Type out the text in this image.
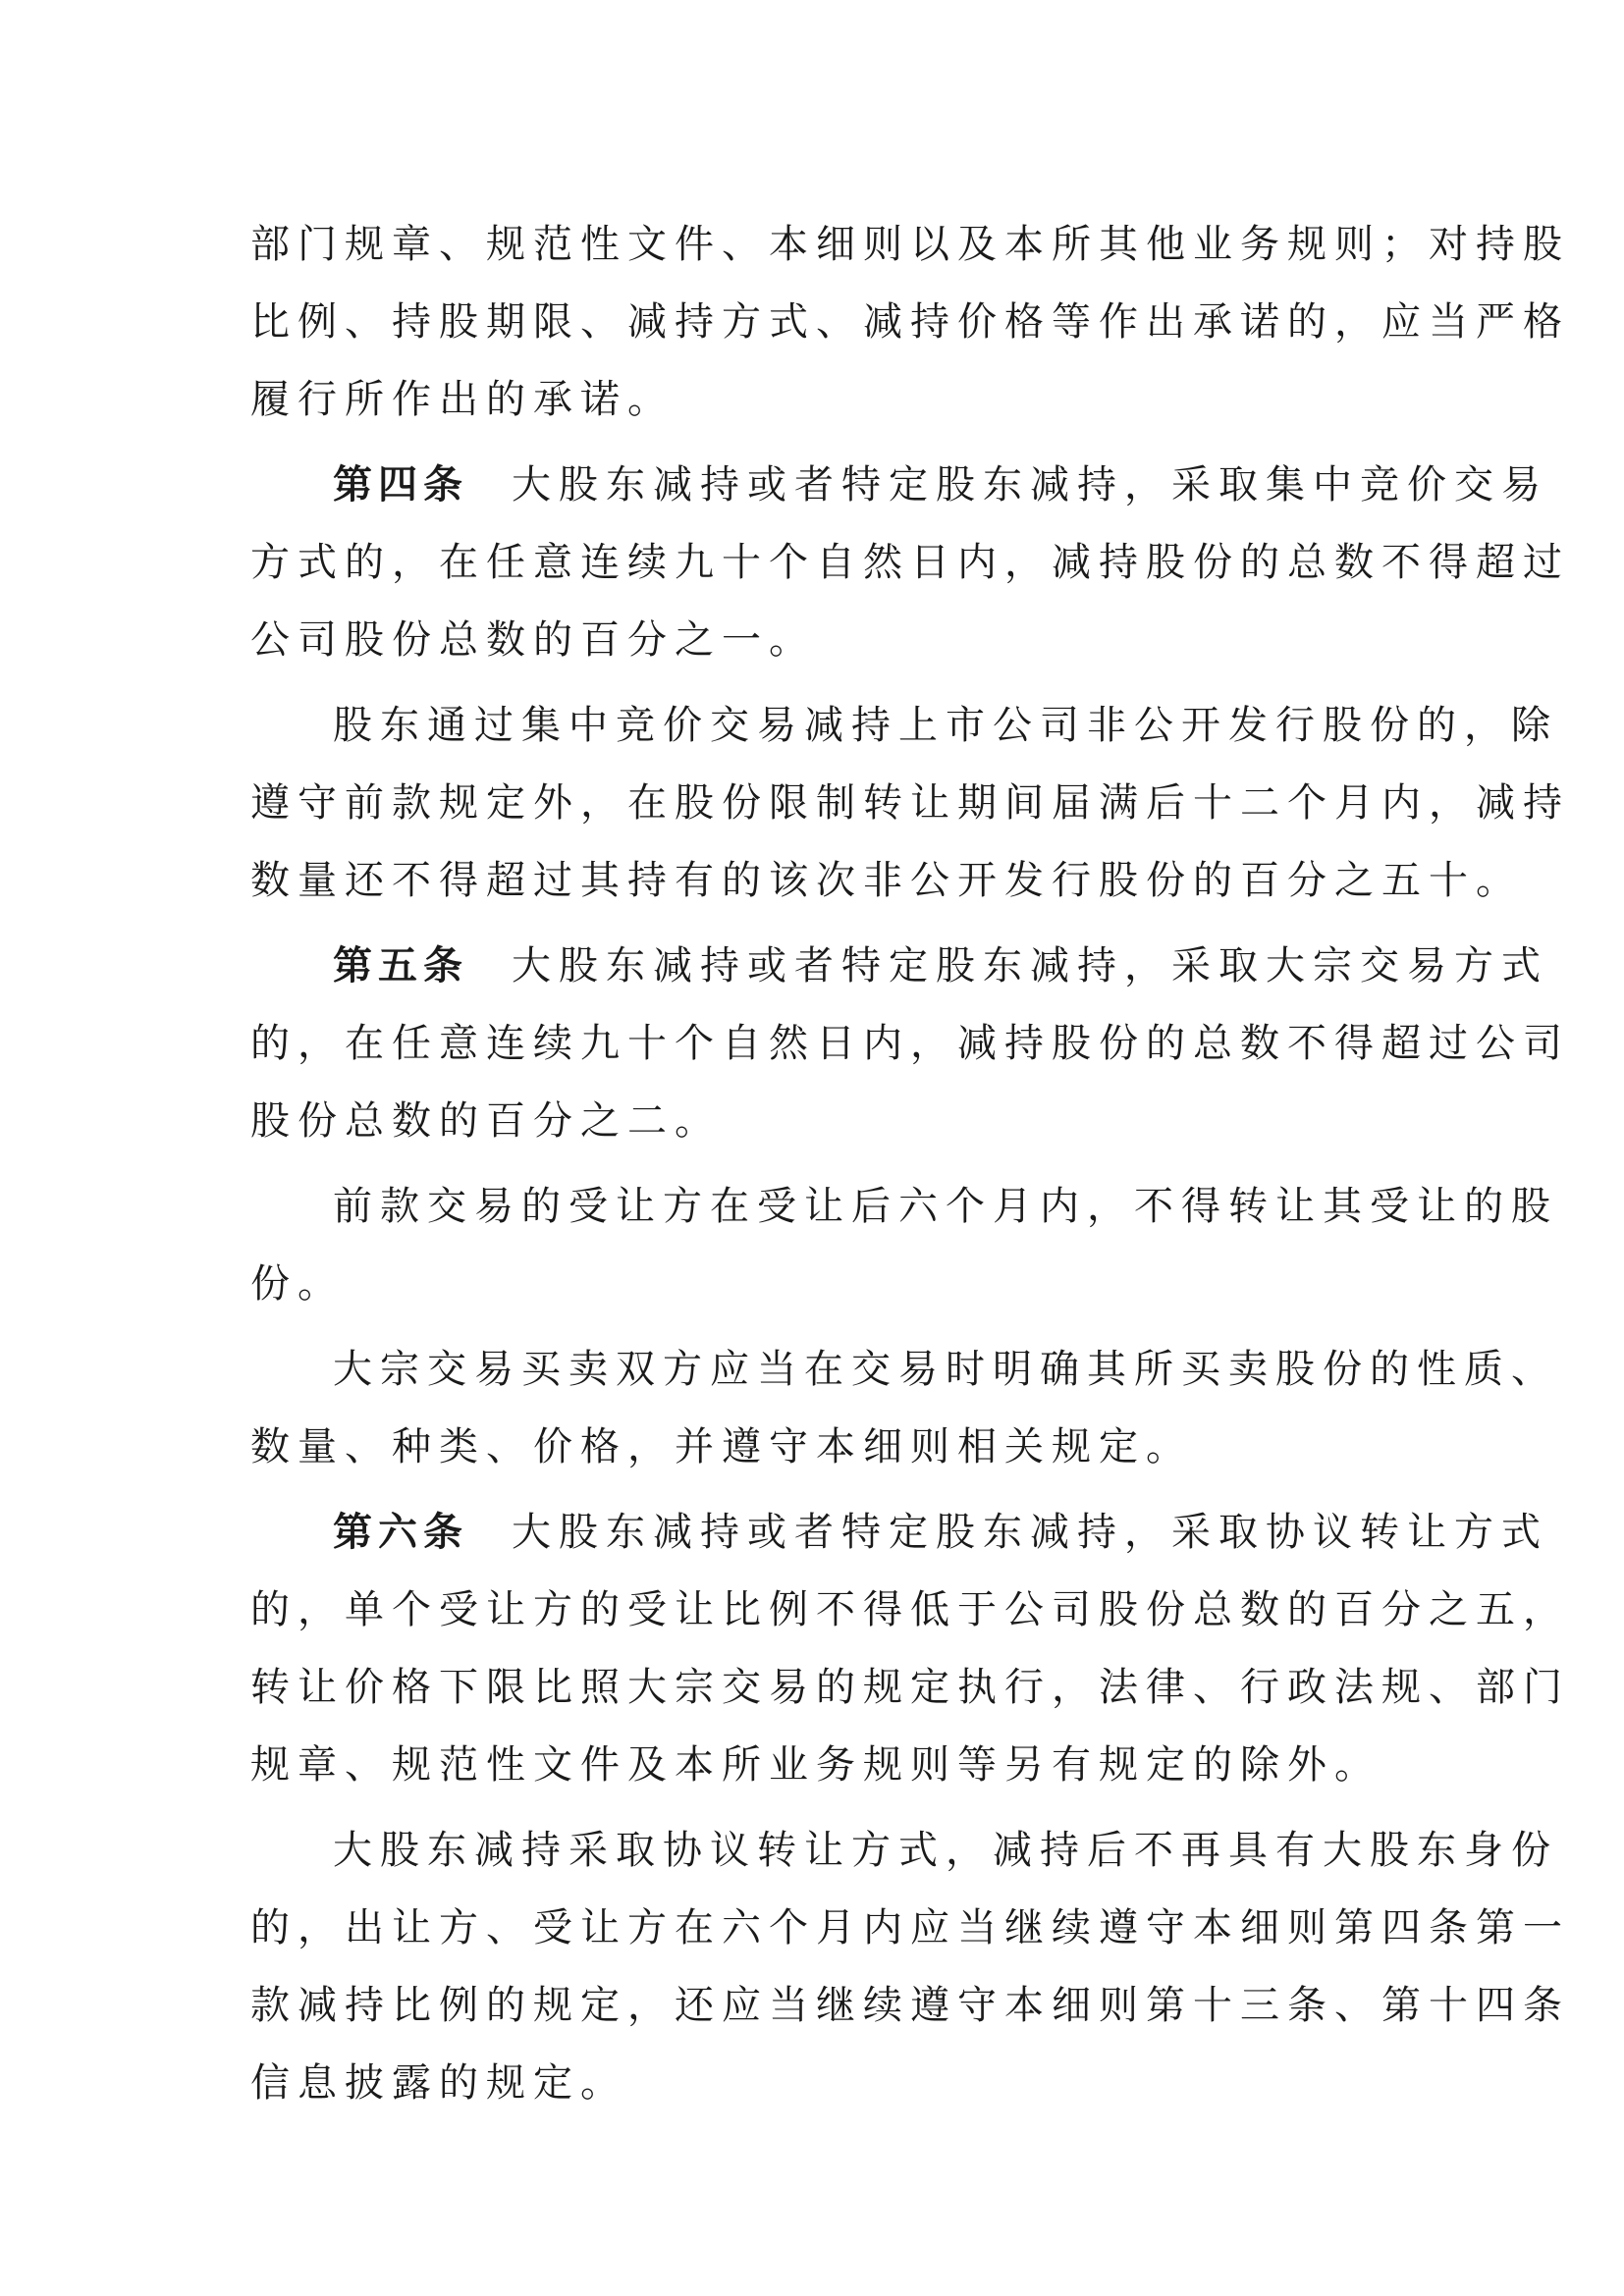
部门规章、规范性文件、本细则以及本所其他业务规则；对持股
比例、持股期限、减持方式、减持价格等作出承诺的，应当严格
履行所作出的承诺。
第四条 大股东减持或者特定股东减持，采取集中竞价交易
方式的，在任意连续九十个自然日内，减持股份的总数不得超过
公司股份总数的百分之一。
股东通过集中竞价交易减持上市公司非公开发行股份的，除
遵守前款规定外，在股份限制转让期间届满后十二个月内，减持
数量还不得超过其持有的该次非公开发行股份的百分之五十。
第五条 大股东减持或者特定股东减持，采取大宗交易方式
的，在任意连续九十个自然日内，减持股份的总数不得超过公司
股份总数的百分之二。
前款交易的受让方在受让后六个月内，不得转让其受让的股
份。
大宗交易买卖双方应当在交易时明确其所买卖股份的性质、
数量、种类、价格，并遵守本细则相关规定。
第六条 大股东减持或者特定股东减持，采取协议转让方式
的，单个受让方的受让比例不得低于公司股份总数的百分之五，
转让价格下限比照大宗交易的规定执行，法律、行政法规、部门
规章、规范性文件及本所业务规则等另有规定的除外。
大股东减持采取协议转让方式，减持后不再具有大股东身份
的，出让方、受让方在六个月内应当继续遵守本细则第四条第一
款减持比例的规定，还应当继续遵守本细则第十三条、第十四条
信息披露的规定。
